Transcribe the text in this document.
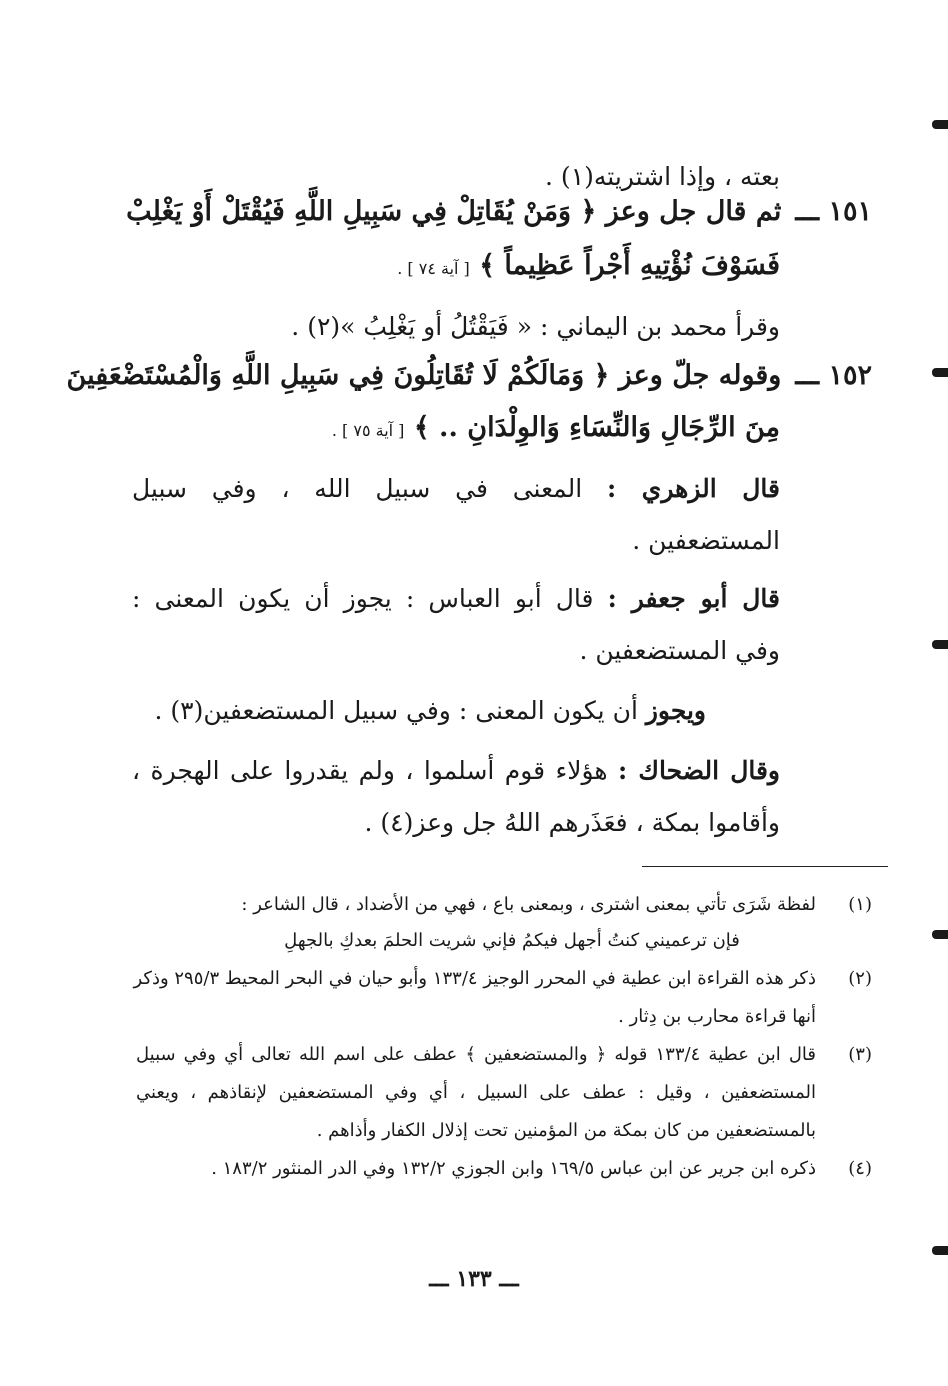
بعته ، وإذا اشتريته(١) .
١٥١ ـــثم قال جل وعز ﴿ وَمَنْ يُقَاتِلْ فِي سَبِيلِ اللَّهِ فَيُقْتَلْ أَوْ يَغْلِبْ
فَسَوْفَ نُؤْتِيهِ أَجْراً عَظِيماً ﴾ [ آية ٧٤ ] .
وقرأ محمد بن اليماني : « فَيَقْتُلُ أو يَغْلِبُ »(٢) .
١٥٢ ـــوقوله جلّ وعز ﴿ وَمَالَكُمْ لَا تُقَاتِلُونَ فِي سَبِيلِ اللَّهِ وَالْمُسْتَضْعَفِينَ
مِنَ الرِّجَالِ وَالنِّسَاءِ وَالوِلْدَانِ .. ﴾ [ آية ٧٥ ] .
قال الزهري : المعنى في سبيل الله ، وفي سبيل
المستضعفين .
قال أبو جعفر : قال أبو العباس : يجوز أن يكون المعنى :
وفي المستضعفين .
ويجوز أن يكون المعنى : وفي سبيل المستضعفين(٣) .
وقال الضحاك : هؤلاء قوم أسلموا ، ولم يقدروا على الهجرة ،
وأقاموا بمكة ، فعَذَرهم اللهُ جل وعز(٤) .
(١)
لفظة شَرَى تأتي بمعنى اشترى ، وبمعنى باع ، فهي من الأضداد ، قال الشاعر :
فإن ترعميني كنتُ أجهل فيكمُ فإني شريت الحلمَ بعدكِ بالجهلِ
(٢)
ذكر هذه القراءة ابن عطية في المحرر الوجيز ١٣٣/٤ وأبو حيان في البحر المحيط ٢٩٥/٣ وذكر
أنها قراءة محارب بن دِثار .
(٣)
قال ابن عطية ١٣٣/٤ قوله ﴿ والمستضعفين ﴾ عطف على اسم الله تعالى أي وفي سبيل
المستضعفين ، وقيل : عطف على السبيل ، أي وفي المستضعفين لإنقاذهم ، ويعني
بالمستضعفين من كان بمكة من المؤمنين تحت إذلال الكفار وأذاهم .
(٤)
ذكره ابن جرير عن ابن عباس ١٦٩/٥ وابن الجوزي ١٣٢/٢ وفي الدر المنثور ١٨٣/٢ .
ـــ ١٣٣ ـــ
